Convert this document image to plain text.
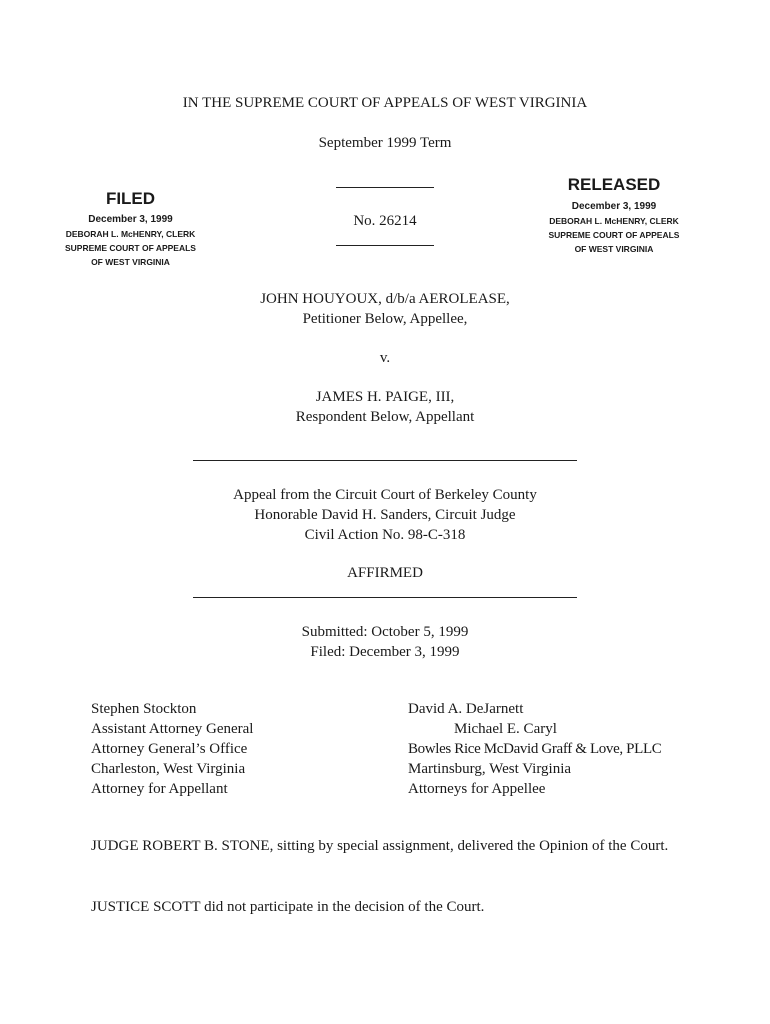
IN THE SUPREME COURT OF APPEALS OF WEST VIRGINIA
September 1999 Term
No. 26214
FILED
December 3, 1999
DEBORAH L. McHENRY, CLERK
SUPREME COURT OF APPEALS
OF WEST VIRGINIA
RELEASED
December 3, 1999
DEBORAH L. McHENRY, CLERK
SUPREME COURT OF APPEALS
OF WEST VIRGINIA
JOHN HOUYOUX, d/b/a AEROLEASE,
Petitioner Below, Appellee,
v.
JAMES H. PAIGE, III,
Respondent Below, Appellant
Appeal from the Circuit Court of Berkeley County
Honorable David H. Sanders, Circuit Judge
Civil Action No. 98-C-318
AFFIRMED
Submitted: October 5, 1999
Filed: December 3, 1999
Stephen Stockton
Assistant Attorney General
Attorney General’s Office
Charleston, West Virginia
Attorney for Appellant
David A. DeJarnett
Michael E. Caryl
Bowles Rice McDavid Graff & Love, PLLC
Martinsburg, West Virginia
Attorneys for Appellee
JUDGE ROBERT B. STONE, sitting by special assignment, delivered the Opinion of the Court.
JUSTICE SCOTT did not participate in the decision of the Court.
